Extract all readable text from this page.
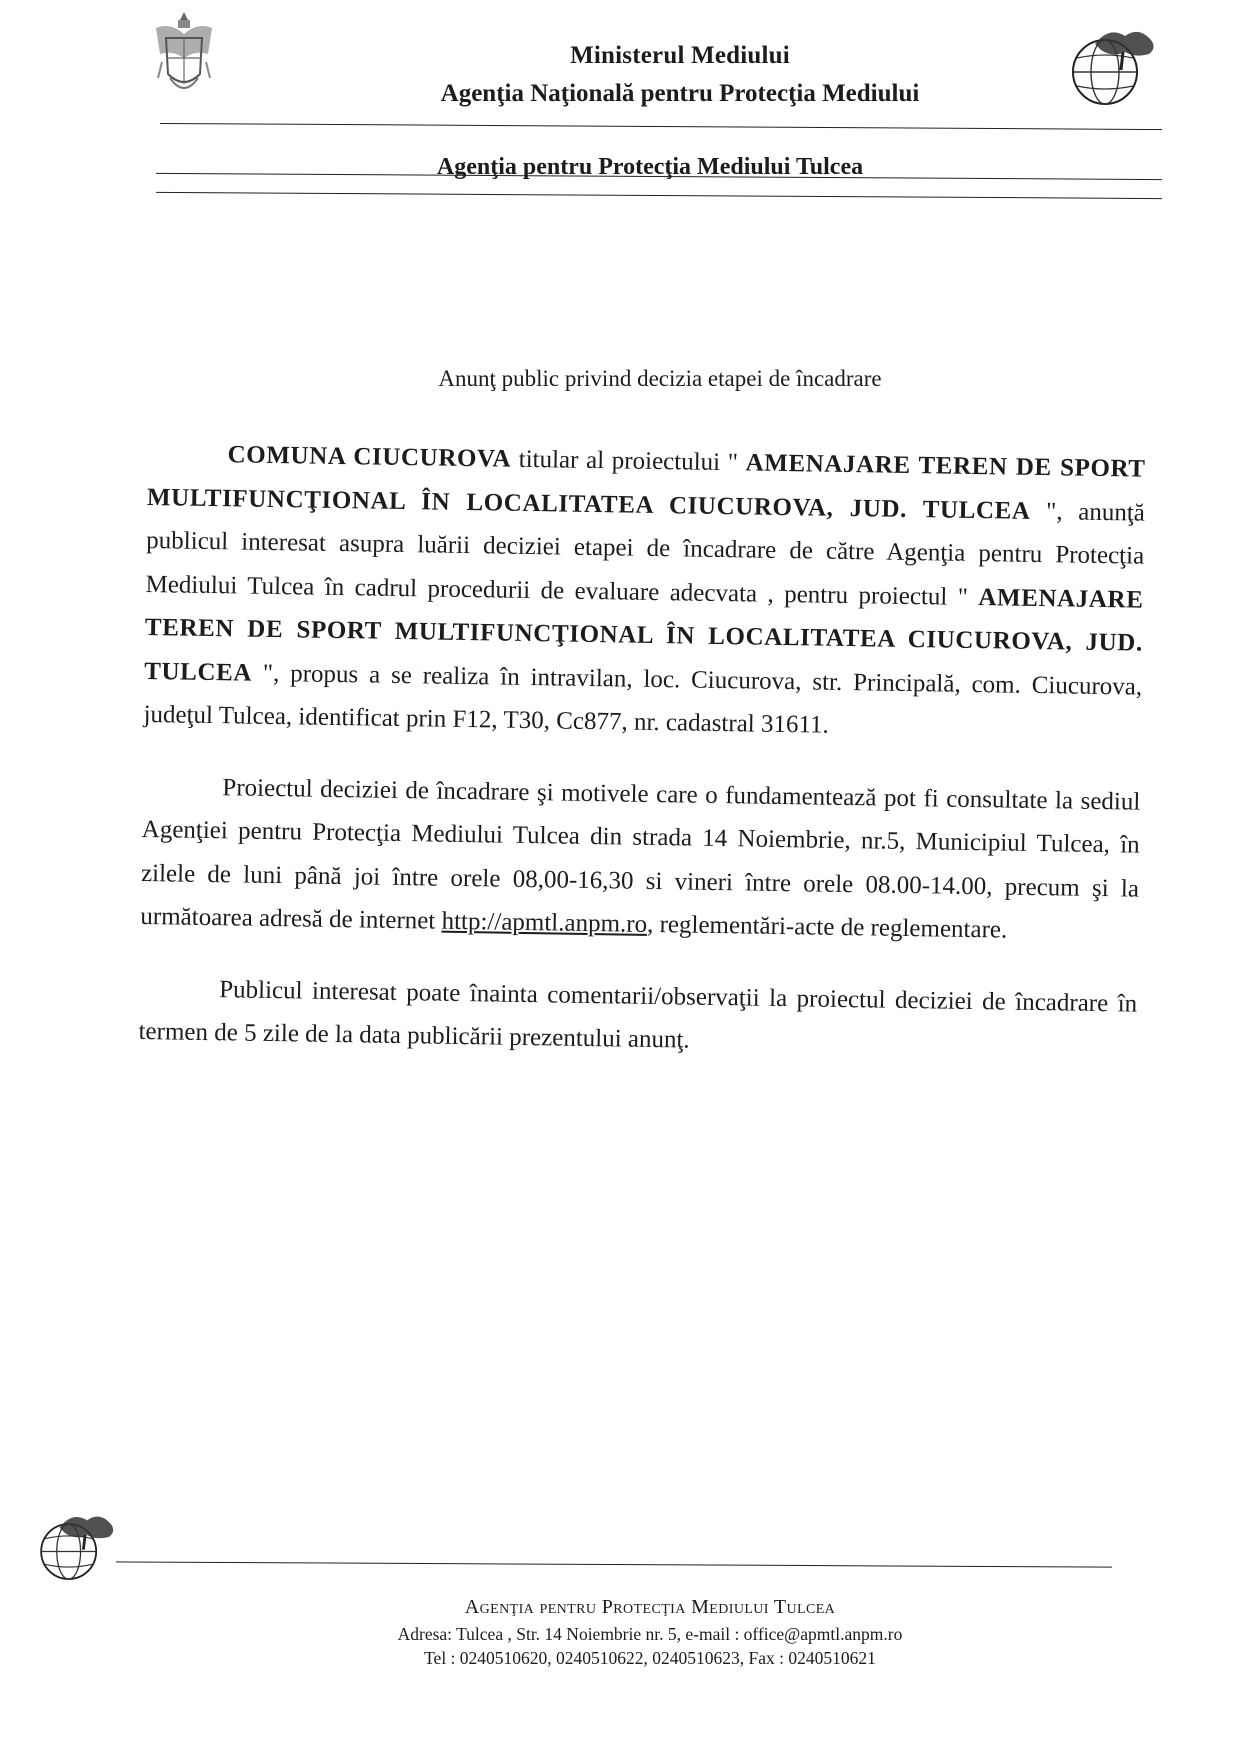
Ministerul Mediului
Agenţia Naţională pentru Protecţia Mediului
Agenţia pentru Protecţia Mediului Tulcea
Anunţ public privind decizia etapei de încadrare

COMUNA CIUCUROVA titular al proiectului " AMENAJARE TEREN DE SPORT MULTIFUNCŢIONAL ÎN LOCALITATEA CIUCUROVA, JUD. TULCEA ", anunţă publicul interesat asupra luării deciziei etapei de încadrare de către Agenţia pentru Protecţia Mediului Tulcea în cadrul procedurii de evaluare adecvata , pentru proiectul " AMENAJARE TEREN DE SPORT MULTIFUNCŢIONAL ÎN LOCALITATEA CIUCUROVA, JUD. TULCEA ", propus a se realiza în intravilan, loc. Ciucurova, str. Principală, com. Ciucurova, judeţul Tulcea, identificat prin F12, T30, Cc877, nr. cadastral 31611.

Proiectul deciziei de încadrare şi motivele care o fundamentează pot fi consultate la sediul Agenţiei pentru Protecţia Mediului Tulcea din strada 14 Noiembrie, nr.5, Municipiul Tulcea, în zilele de luni până joi între orele 08,00-16,30 si vineri între orele 08.00-14.00, precum şi la următoarea adresă de internet http://apmtl.anpm.ro, reglementări-acte de reglementare.

Publicul interesat poate înainta comentarii/observaţii la proiectul deciziei de încadrare în termen de 5 zile de la data publicării prezentului anunţ.

Agenţia pentru Protecţia Mediului Tulcea
Adresa: Tulcea , Str. 14 Noiembrie nr. 5, e-mail : office@apmtl.anpm.ro
Tel : 0240510620, 0240510622, 0240510623, Fax : 0240510621
